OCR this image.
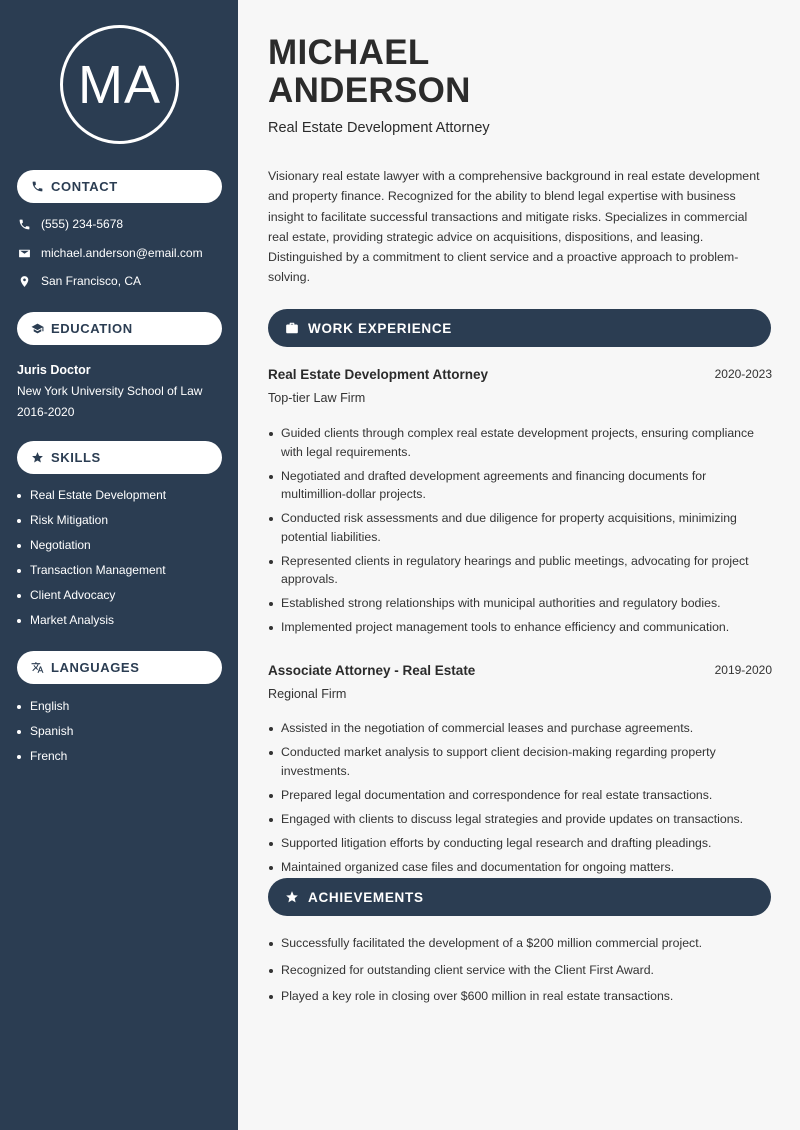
MA
CONTACT
(555) 234-5678
michael.anderson@email.com
San Francisco, CA
EDUCATION
Juris Doctor
New York University School of Law
2016-2020
SKILLS
Real Estate Development
Risk Mitigation
Negotiation
Transaction Management
Client Advocacy
Market Analysis
LANGUAGES
English
Spanish
French
MICHAEL
ANDERSON
Real Estate Development Attorney

Visionary real estate lawyer with a comprehensive background in real estate development and property finance. Recognized for the ability to blend legal expertise with business insight to facilitate successful transactions and mitigate risks. Specializes in commercial real estate, providing strategic advice on acquisitions, dispositions, and leasing. Distinguished by a commitment to client service and a proactive approach to problem-solving.

WORK EXPERIENCE
Real Estate Development Attorney	2020-2023
Top-tier Law Firm
Guided clients through complex real estate development projects, ensuring compliance with legal requirements.
Negotiated and drafted development agreements and financing documents for multimillion-dollar projects.
Conducted risk assessments and due diligence for property acquisitions, minimizing potential liabilities.
Represented clients in regulatory hearings and public meetings, advocating for project approvals.
Established strong relationships with municipal authorities and regulatory bodies.
Implemented project management tools to enhance efficiency and communication.
Associate Attorney - Real Estate	2019-2020
Regional Firm
Assisted in the negotiation of commercial leases and purchase agreements.
Conducted market analysis to support client decision-making regarding property investments.
Prepared legal documentation and correspondence for real estate transactions.
Engaged with clients to discuss legal strategies and provide updates on transactions.
Supported litigation efforts by conducting legal research and drafting pleadings.
Maintained organized case files and documentation for ongoing matters.
ACHIEVEMENTS
Successfully facilitated the development of a $200 million commercial project.
Recognized for outstanding client service with the Client First Award.
Played a key role in closing over $600 million in real estate transactions.
